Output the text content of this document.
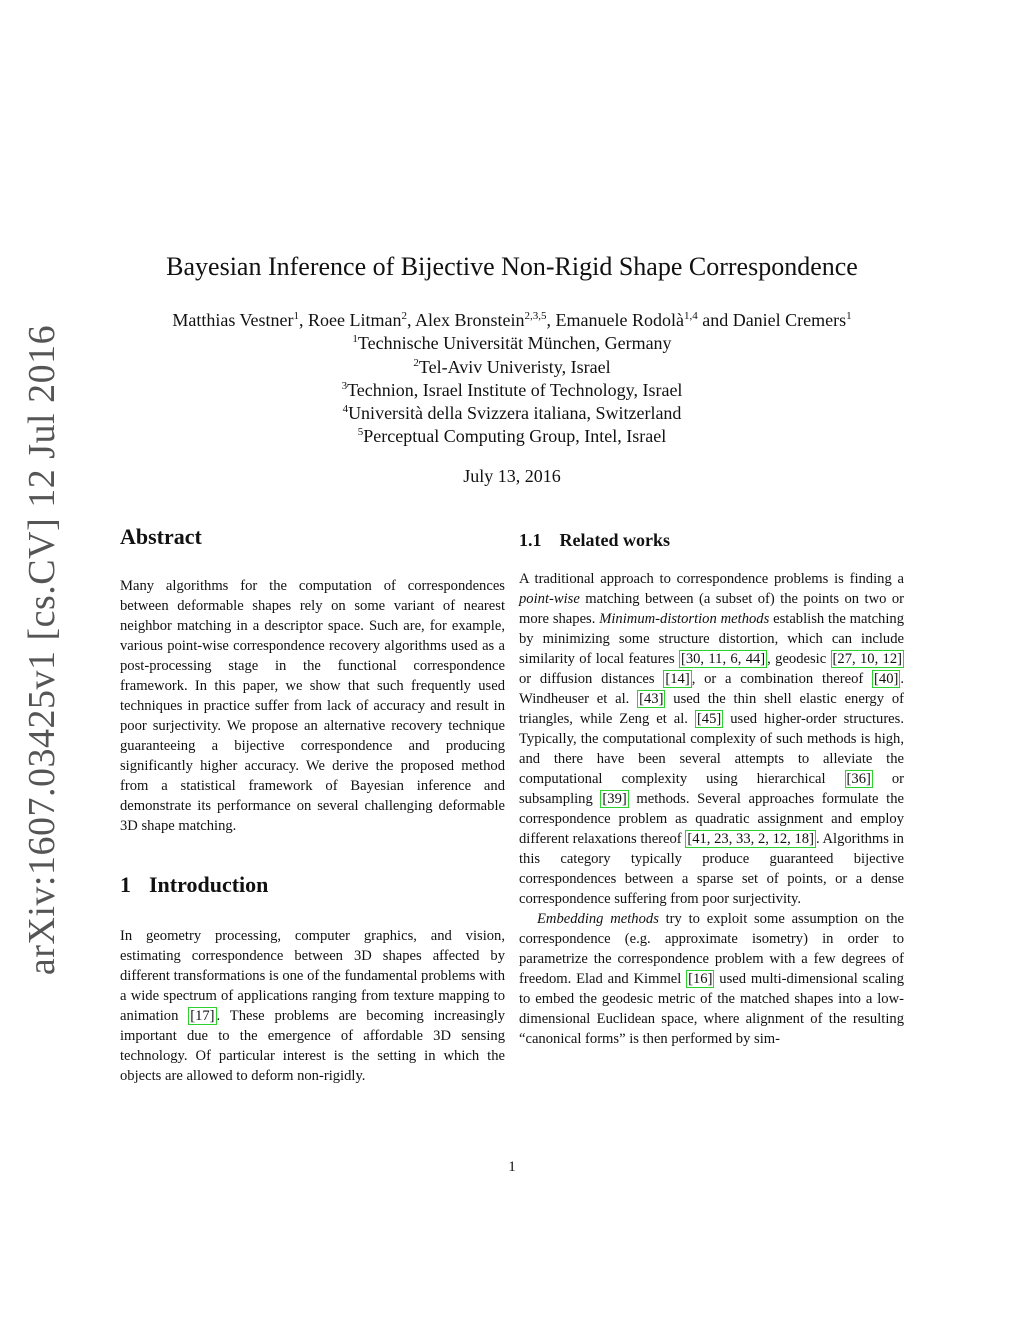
arXiv:1607.03425v1 [cs.CV] 12 Jul 2016
Bayesian Inference of Bijective Non-Rigid Shape Correspondence
Matthias Vestner$^1$, Roee Litman$^2$, Alex Bronstein$^{2,3,5}$, Emanuele Rodolà$^{1,4}$ and Daniel Cremers$^1$
$^1$Technische Universität München, Germany
$^2$Tel-Aviv Univeristy, Israel
$^3$Technion, Israel Institute of Technology, Israel
$^4$Università della Svizzera italiana, Switzerland
$^5$Perceptual Computing Group, Intel, Israel
July 13, 2016
Abstract

Many algorithms for the computation of correspondences between deformable shapes rely on some variant of nearest neighbor matching in a descriptor space. Such are, for example, various point-wise correspondence recovery algorithms used as a post-processing stage in the functional correspondence framework. In this paper, we show that such frequently used techniques in practice suffer from lack of accuracy and result in poor surjectivity. We propose an alternative recovery technique guaranteeing a bijective correspondence and producing significantly higher accuracy. We derive the proposed method from a statistical framework of Bayesian inference and demonstrate its performance on several challenging deformable 3D shape matching.

1 Introduction

In geometry processing, computer graphics, and vision, estimating correspondence between 3D shapes affected by different transformations is one of the fundamental problems with a wide spectrum of applications ranging from texture mapping to animation [17] . These problems are becoming increasingly important due to the emergence of affordable 3D sensing technology. Of particular interest is the setting in which the objects are allowed to deform non-rigidly.

1.1 Related works

A traditional approach to correspondence problems is finding a point-wise matching between (a subset of) the points on two or more shapes. Minimum-distortion methods establish the matching by minimizing some structure distortion, which can include similarity of local features [30, 11, 6, 44] , geodesic [27, 10, 12] or diffusion distances [14] , or a combination thereof [40] . Windheuser et al. [43] used the thin shell elastic energy of triangles, while Zeng et al. [45] used higher-order structures. Typically, the computational complexity of such methods is high, and there have been several attempts to alleviate the computational complexity using hierarchical [36] or subsampling [39] methods. Several approaches formulate the correspondence problem as quadratic assignment and employ different relaxations thereof [41, 23, 33, 2, 12, 18] . Algorithms in this category typically produce guaranteed bijective correspondences between a sparse set of points, or a dense correspondence suffering from poor surjectivity.

Embedding methods try to exploit some assumption on the correspondence (e.g. approximate isometry) in order to parametrize the correspondence problem with a few degrees of freedom. Elad and Kimmel [16] used multi-dimensional scaling to embed the geodesic metric of the matched shapes into a low-dimensional Euclidean space, where alignment of the resulting “canonical forms” is then performed by sim-

1
